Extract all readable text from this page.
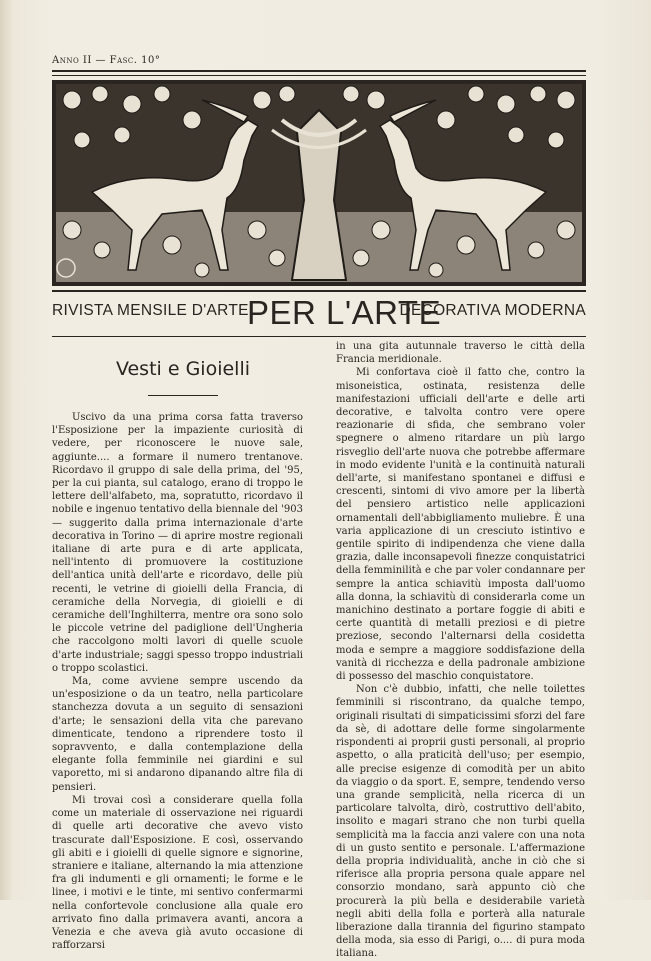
Anno II — Fasc. 10°
RIVISTA MENSILE D'ARTE
PER L'ARTE
DECORATIVA MODERNA
Vesti e Gioielli

Uscivo da una prima corsa fatta traverso l'Esposizione per la impaziente curiosità di vedere, per riconoscere le nuove sale, aggiunte.... a formare il numero trentanove. Ricordavo il gruppo di sale della prima, del '95, per la cui pianta, sul catalogo, erano di troppo le lettere dell'alfabeto, ma, sopratutto, ricordavo il nobile e ingenuo tentativo della biennale del '903 — suggerito dalla prima internazionale d'arte decorativa in Torino — di aprire mostre regionali italiane di arte pura e di arte applicata, nell'intento di promuovere la costituzione dell'antica unità dell'arte e ricordavo, delle più recenti, le vetrine di gioielli della Francia, di ceramiche della Norvegia, di gioielli e di ceramiche dell'Inghilterra, mentre ora sono solo le piccole vetrine del padiglione dell'Ungheria che raccolgono molti lavori di quelle scuole d'arte industriale; saggi spesso troppo industriali o troppo scolastici.

Ma, come avviene sempre uscendo da un'esposizione o da un teatro, nella particolare stanchezza dovuta a un seguito di sensazioni d'arte; le sensazioni della vita che parevano dimenticate, tendono a riprendere tosto il sopravvento, e dalla contemplazione della elegante folla femminile nei giardini e sul vaporetto, mi si andarono dipanando altre fila di pensieri.

Mi trovai così a considerare quella folla come un materiale di osservazione nei riguardi di quelle arti decorative che avevo visto trascurate dall'Esposizione. E così, osservando gli abiti e i gioielli di quelle signore e signorine, straniere e italiane, alternando la mia attenzione fra gli indumenti e gli ornamenti; le forme e le linee, i motivi e le tinte, mi sentivo confermarmi nella confortevole conclusione alla quale ero arrivato fino dalla primavera avanti, ancora a Venezia e che aveva già avuto occasione di rafforzarsi

in una gita autunnale traverso le città della Francia meridionale.

Mi confortava cioè il fatto che, contro la misoneistica, ostinata, resistenza delle manifestazioni ufficiali dell'arte e delle arti decorative, e talvolta contro vere opere reazionarie di sfida, che sembrano voler spegnere o almeno ritardare un più largo risveglio dell'arte nuova che potrebbe affermare in modo evidente l'unità e la continuità naturali dell'arte, si manifestano spontanei e diffusi e crescenti, sintomi di vivo amore per la libertà del pensiero artistico nelle applicazioni ornamentali dell'abbigliamento muliebre. È una varia applicazione di un cresciuto istintivo e gentile spirito di indipendenza che viene dalla grazia, dalle inconsapevoli finezze conquistatrici della femminilità e che par voler condannare per sempre la antica schiavitù imposta dall'uomo alla donna, la schiavitù di considerarla come un manichino destinato a portare foggie di abiti e certe quantità di metalli preziosi e di pietre preziose, secondo l'alternarsi della cosidetta moda e sempre a maggiore soddisfazione della vanità di ricchezza e della padronale ambizione di possesso del maschio conquistatore.

Non c'è dubbio, infatti, che nelle toilettes femminili si riscontrano, da qualche tempo, originali risultati di simpaticissimi sforzi del fare da sè, di adottare delle forme singolarmente rispondenti ai proprii gusti personali, al proprio aspetto, o alla praticità dell'uso; per esempio, alle precise esigenze di comodità per un abito da viaggio o da sport. E, sempre, tendendo verso una grande semplicità, nella ricerca di un particolare talvolta, dirò, costruttivo dell'abito, insolito e magari strano che non turbi quella semplicità ma la faccia anzi valere con una nota di un gusto sentito e personale. L'affermazione della propria individualità, anche in ciò che si riferisce alla propria persona quale appare nel consorzio mondano, sarà appunto ciò che procurerà la più bella e desiderabile varietà negli abiti della folla e porterà alla naturale liberazione dalla tirannia del figurino stampato della moda, sia esso di Parigi, o.... di pura moda italiana.
